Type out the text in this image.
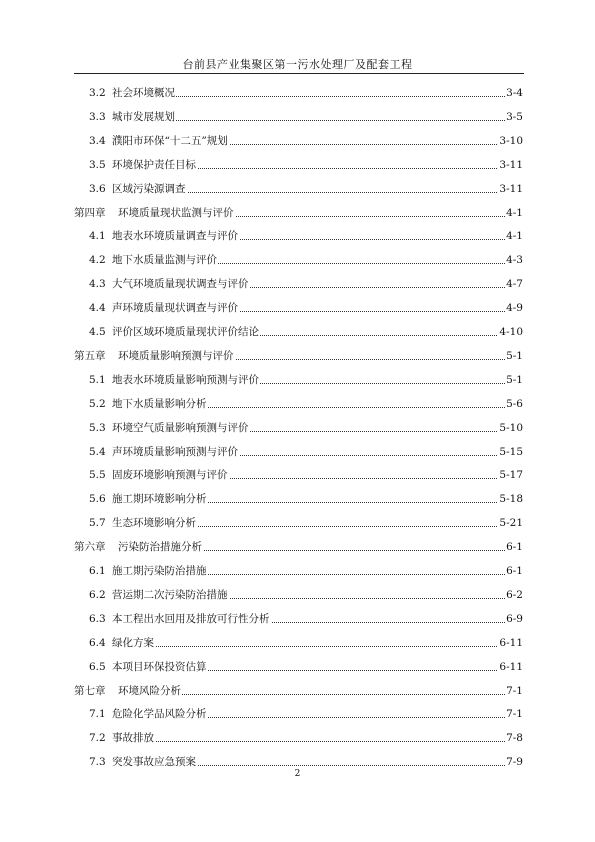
台前县产业集聚区第一污水处理厂及配套工程
3.2 社会环境概况	3-4
3.3 城市发展规划	3-5
3.4 濮阳市环保“十二五”规划	3-10
3.5 环境保护责任目标	3-11
3.6 区域污染源调查	3-11
第四章 环境质量现状监测与评价	4-1
4.1 地表水环境质量调查与评价	4-1
4.2 地下水质量监测与评价	4-3
4.3 大气环境质量现状调查与评价	4-7
4.4 声环境质量现状调查与评价	4-9
4.5 评价区域环境质量现状评价结论	4-10
第五章 环境质量影响预测与评价	5-1
5.1 地表水环境质量影响预测与评价	5-1
5.2 地下水质量影响分析	5-6
5.3 环境空气质量影响预测与评价	5-10
5.4 声环境质量影响预测与评价	5-15
5.5 固废环境影响预测与评价	5-17
5.6 施工期环境影响分析	5-18
5.7 生态环境影响分析	5-21
第六章 污染防治措施分析	6-1
6.1 施工期污染防治措施	6-1
6.2 营运期二次污染防治措施	6-2
6.3 本工程出水回用及排放可行性分析	6-9
6.4 绿化方案	6-11
6.5 本项目环保投资估算	6-11
第七章 环境风险分析	7-1
7.1 危险化学品风险分析	7-1
7.2 事故排放	7-8
7.3 突发事故应急预案	7-9
2
